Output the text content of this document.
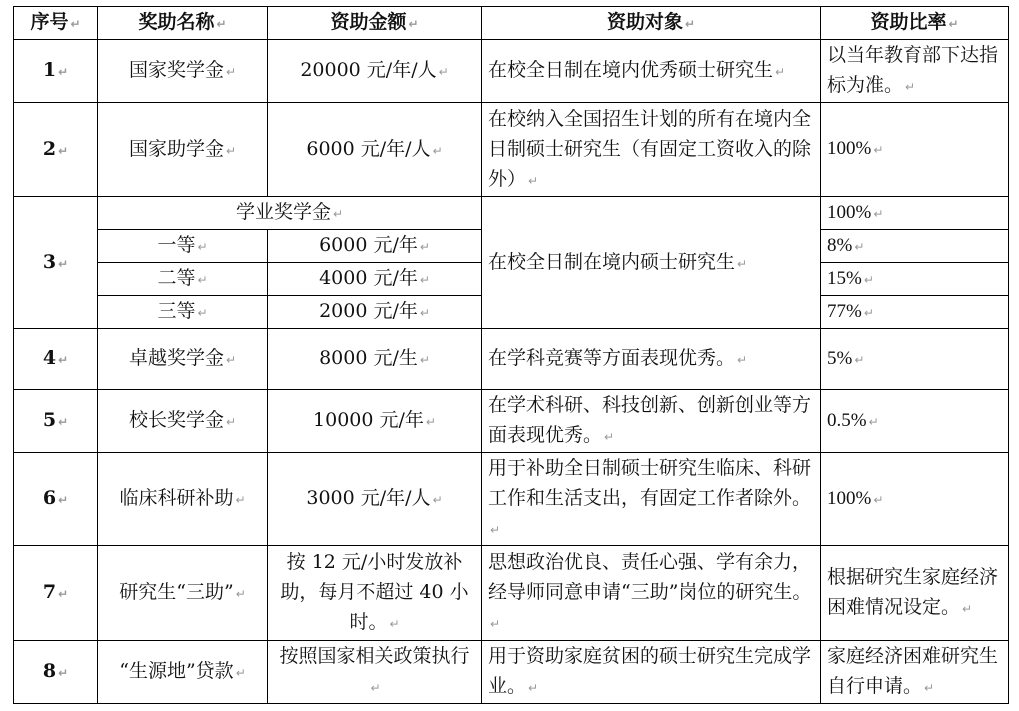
序号 ↵	奖助名称 ↵	资助金额 ↵	资助对象 ↵	资助比率 ↵
1 ↵	国家奖学金 ↵	20000 元/年/人 ↵	在校全日制在境内优秀硕士研究生 ↵	以当年教育部下达指标为准。 ↵
2 ↵	国家助学金 ↵	6000 元/年/人 ↵	在校纳入全国招生计划的所有在境内全日制硕士研究生（有固定工资收入的除外） ↵	100% ↵
3 ↵	学业奖学金 ↵		在校全日制在境内硕士研究生 ↵	100% ↵
	一等 ↵	6000 元/年 ↵		8% ↵
	二等 ↵	4000 元/年 ↵		15% ↵
	三等 ↵	2000 元/年 ↵		77% ↵
4 ↵	卓越奖学金 ↵	8000 元/生 ↵	在学科竞赛等方面表现优秀。 ↵	5% ↵
5 ↵	校长奖学金 ↵	10000 元/年 ↵	在学术科研、科技创新、创新创业等方面表现优秀。 ↵	0.5% ↵
6 ↵	临床科研补助 ↵	3000 元/年/人 ↵	用于补助全日制硕士研究生临床、科研工作和生活支出，有固定工作者除外。↵	100% ↵
7 ↵	研究生“三助” ↵	按 12 元/小时发放补助，每月不超过 40 小时。 ↵	思想政治优良、责任心强、学有余力，经导师同意申请“三助”岗位的研究生。↵	根据研究生家庭经济困难情况设定。 ↵
8 ↵	“生源地”贷款 ↵	按照国家相关政策执行↵	用于资助家庭贫困的硕士研究生完成学业。 ↵	家庭经济困难研究生自行申请。 ↵
